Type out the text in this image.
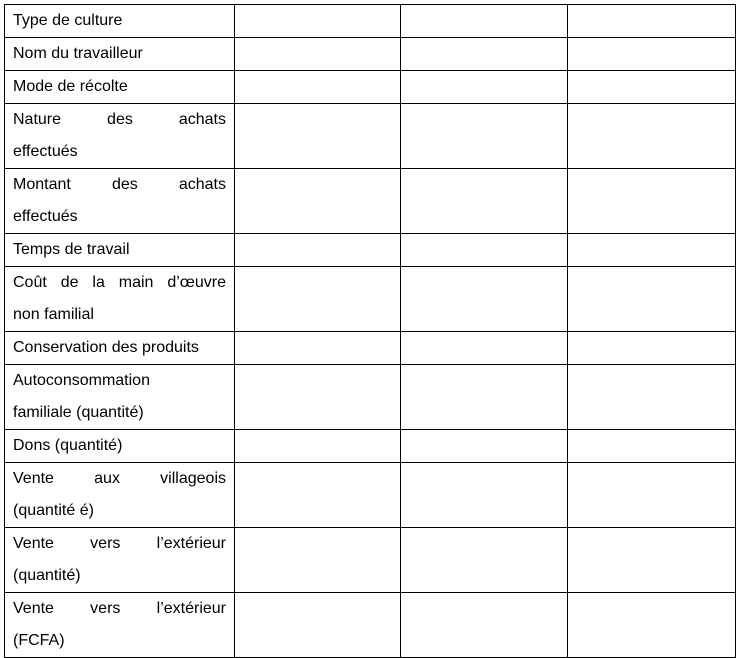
Type de culture			

Nom du travailleur			

Mode de récolte			

Nature des achats
effectués			

Montant des achats
effectués			

Temps de travail			

Coût de la main d’œuvre
non familial			

Conservation des produits			

Autoconsommation
familiale (quantité)			

Dons (quantité)			

Vente aux villageois
(quantité é)			

Vente vers l’extérieur
(quantité)			

Vente vers l’extérieur
(FCFA)			
